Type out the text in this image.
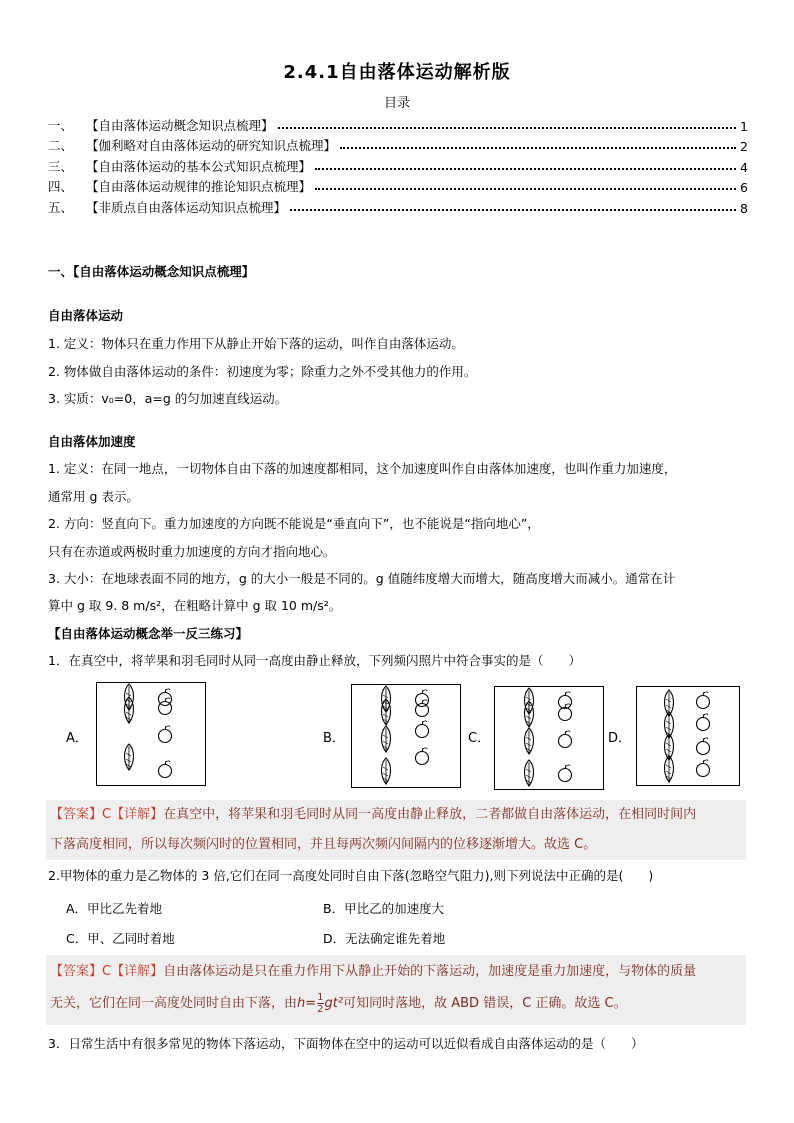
2.4.1自由落体运动解析版
目录
一、	【自由落体运动概念知识点梳理】	1
二、	【伽利略对自由落体运动的研究知识点梳理】	2
三、	【自由落体运动的基本公式知识点梳理】	4
四、	【自由落体运动规律的推论知识点梳理】	6
五、	【非质点自由落体运动知识点梳理】	8
一、【自由落体运动概念知识点梳理】
自由落体运动
1. 定义：物体只在重力作用下从静止开始下落的运动，叫作自由落体运动。
2. 物体做自由落体运动的条件：初速度为零；除重力之外不受其他力的作用。
3. 实质：v₀=0，a=g 的匀加速直线运动。
自由落体加速度
1. 定义：在同一地点，一切物体自由下落的加速度都相同，这个加速度叫作自由落体加速度，也叫作重力加速度，
通常用 g 表示。
2. 方向：竖直向下。重力加速度的方向既不能说是“垂直向下”，也不能说是“指向地心”，
只有在赤道或两极时重力加速度的方向才指向地心。
3. 大小：在地球表面不同的地方，g 的大小一般是不同的。g 值随纬度增大而增大，随高度增大而减小。通常在计
算中 g 取 9. 8 m/s²，在粗略计算中 g 取 10 m/s²。
【自由落体运动概念举一反三练习】
1．在真空中，将苹果和羽毛同时从同一高度由静止释放，下列频闪照片中符合事实的是（　　）
A．	B．	C．	D．
【答案】C【详解】在真空中，将苹果和羽毛同时从同一高度由静止释放，二者都做自由落体运动，在相同时间内
下落高度相同，所以每次频闪时的位置相同，并且每两次频闪间隔内的位移逐渐增大。故选 C。
2.甲物体的重力是乙物体的 3 倍,它们在同一高度处同时自由下落(忽略空气阻力),则下列说法中正确的是(　　)
A．甲比乙先着地	B．甲比乙的加速度大
C．甲、乙同时着地	D．无法确定谁先着地
【答案】C【详解】自由落体运动是只在重力作用下从静止开始的下落运动，加速度是重力加速度，与物体的质量
无关，它们在同一高度处同时自由下落，由$h= \frac{1}{2} gt^2$可知同时落地，故 ABD 错误，C 正确。故选 C。
3．日常生活中有很多常见的物体下落运动，下面物体在空中的运动可以近似看成自由落体运动的是（　　）
